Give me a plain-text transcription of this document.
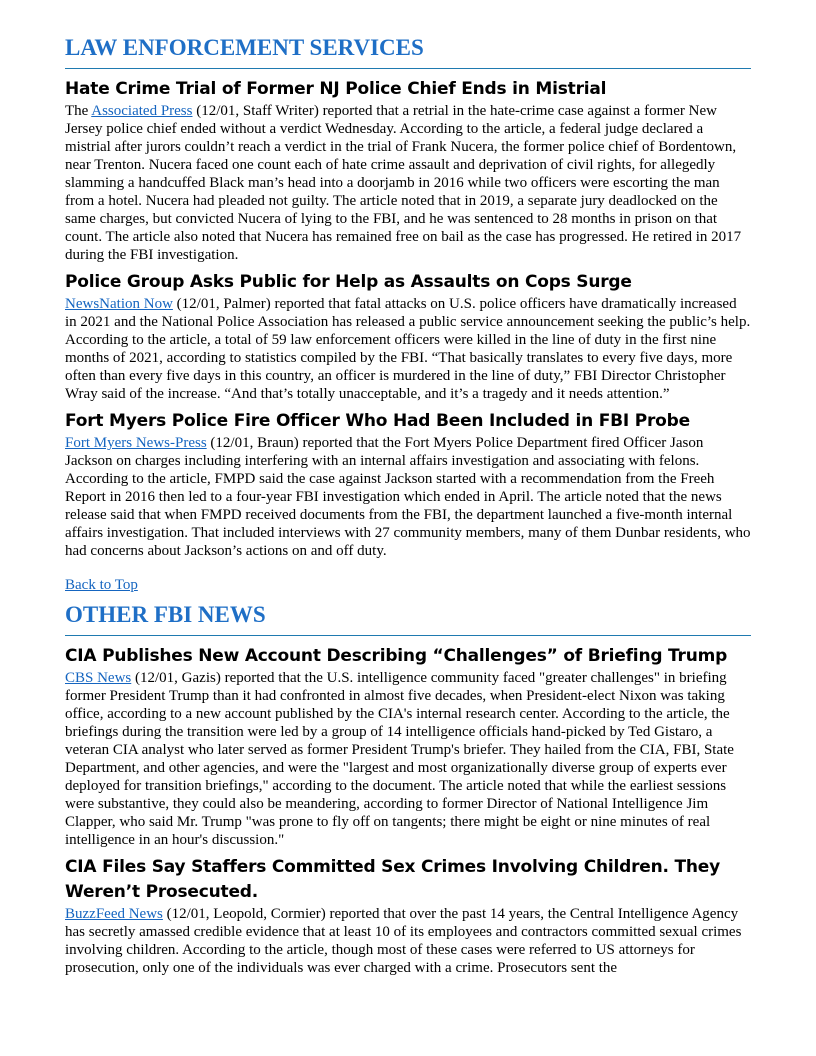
LAW ENFORCEMENT SERVICES
Hate Crime Trial of Former NJ Police Chief Ends in Mistrial

The Associated Press (12/01, Staff Writer) reported that a retrial in the hate-crime case against a former New Jersey police chief ended without a verdict Wednesday. According to the article, a federal judge declared a mistrial after jurors couldn’t reach a verdict in the trial of Frank Nucera, the former police chief of Bordentown, near Trenton. Nucera faced one count each of hate crime assault and deprivation of civil rights, for allegedly slamming a handcuffed Black man’s head into a doorjamb in 2016 while two officers were escorting the man from a hotel. Nucera had pleaded not guilty. The article noted that in 2019, a separate jury deadlocked on the same charges, but convicted Nucera of lying to the FBI, and he was sentenced to 28 months in prison on that count. The article also noted that Nucera has remained free on bail as the case has progressed. He retired in 2017 during the FBI investigation.

Police Group Asks Public for Help as Assaults on Cops Surge

NewsNation Now (12/01, Palmer) reported that fatal attacks on U.S. police officers have dramatically increased in 2021 and the National Police Association has released a public service announcement seeking the public’s help. According to the article, a total of 59 law enforcement officers were killed in the line of duty in the first nine months of 2021, according to statistics compiled by the FBI. “That basically translates to every five days, more often than every five days in this country, an officer is murdered in the line of duty,” FBI Director Christopher Wray said of the increase. “And that’s totally unacceptable, and it’s a tragedy and it needs attention.”

Fort Myers Police Fire Officer Who Had Been Included in FBI Probe

Fort Myers News-Press (12/01, Braun) reported that the Fort Myers Police Department fired Officer Jason Jackson on charges including interfering with an internal affairs investigation and associating with felons. According to the article, FMPD said the case against Jackson started with a recommendation from the Freeh Report in 2016 then led to a four-year FBI investigation which ended in April. The article noted that the news release said that when FMPD received documents from the FBI, the department launched a five-month internal affairs investigation. That included interviews with 27 community members, many of them Dunbar residents, who had concerns about Jackson’s actions on and off duty.

Back to Top

OTHER FBI NEWS
CIA Publishes New Account Describing “Challenges” of Briefing Trump

CBS News (12/01, Gazis) reported that the U.S. intelligence community faced "greater challenges" in briefing former President Trump than it had confronted in almost five decades, when President-elect Nixon was taking office, according to a new account published by the CIA's internal research center. According to the article, the briefings during the transition were led by a group of 14 intelligence officials hand-picked by Ted Gistaro, a veteran CIA analyst who later served as former President Trump's briefer. They hailed from the CIA, FBI, State Department, and other agencies, and were the "largest and most organizationally diverse group of experts ever deployed for transition briefings," according to the document. The article noted that while the earliest sessions were substantive, they could also be meandering, according to former Director of National Intelligence Jim Clapper, who said Mr. Trump "was prone to fly off on tangents; there might be eight or nine minutes of real intelligence in an hour's discussion."

CIA Files Say Staffers Committed Sex Crimes Involving Children. They Weren’t Prosecuted.

BuzzFeed News (12/01, Leopold, Cormier) reported that over the past 14 years, the Central Intelligence Agency has secretly amassed credible evidence that at least 10 of its employees and contractors committed sexual crimes involving children. According to the article, though most of these cases were referred to US attorneys for prosecution, only one of the individuals was ever charged with a crime. Prosecutors sent the
